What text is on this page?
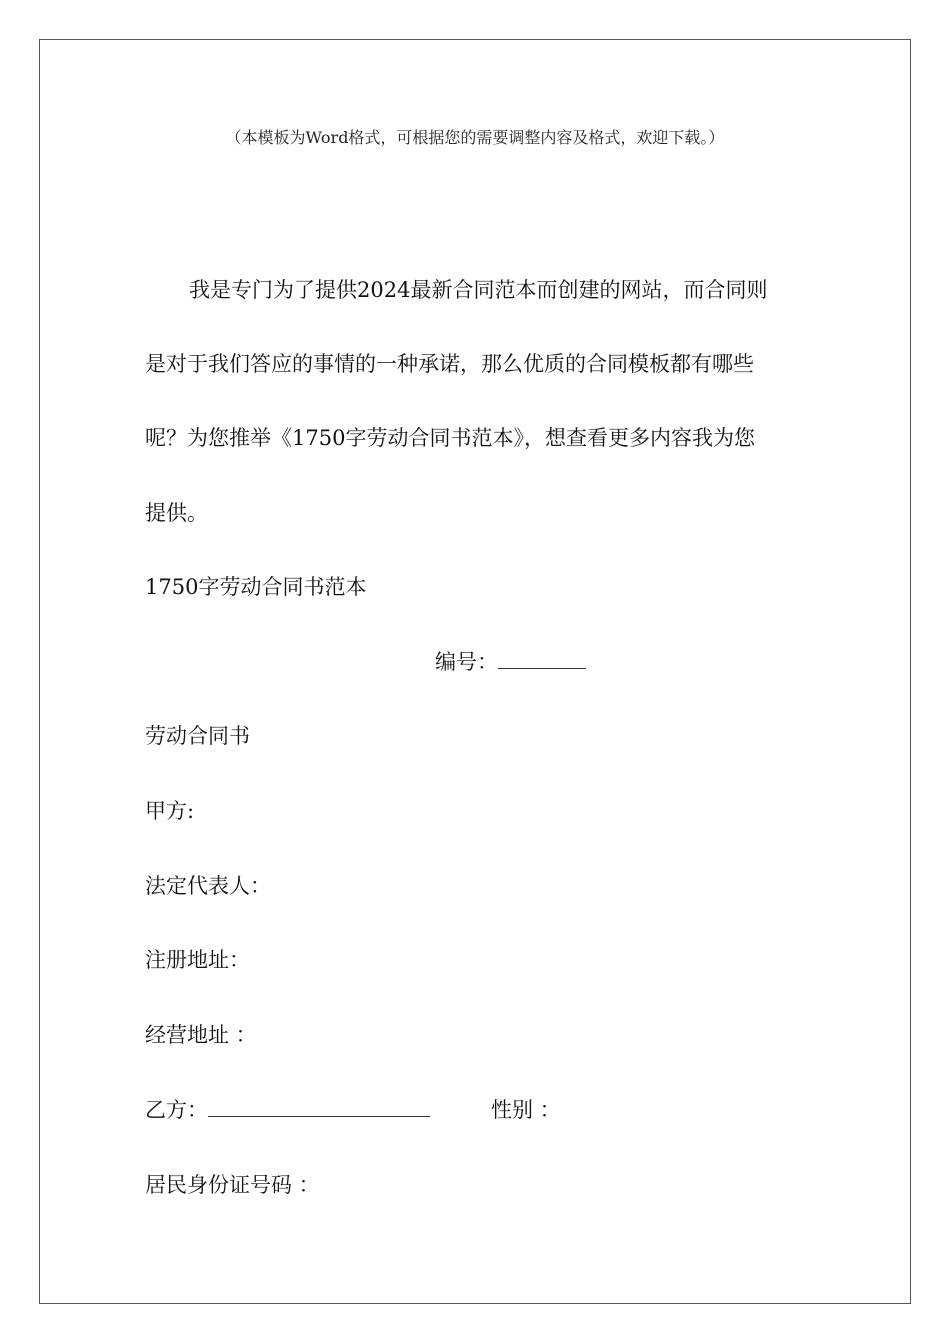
（本模板为Word格式，可根据您的需要调整内容及格式，欢迎下载。）
我是专门为了提供2024最新合同范本而创建的网站，而合同则
是对于我们答应的事情的一种承诺，那么优质的合同模板都有哪些
呢？为您推举《1750字劳动合同书范本》，想查看更多内容我为您
提供。
1750字劳动合同书范本
编号：
劳动合同书
甲方:
法定代表人：
注册地址：
经营地址 ：
乙方：	性别 ：
居民身份证号码 ：
